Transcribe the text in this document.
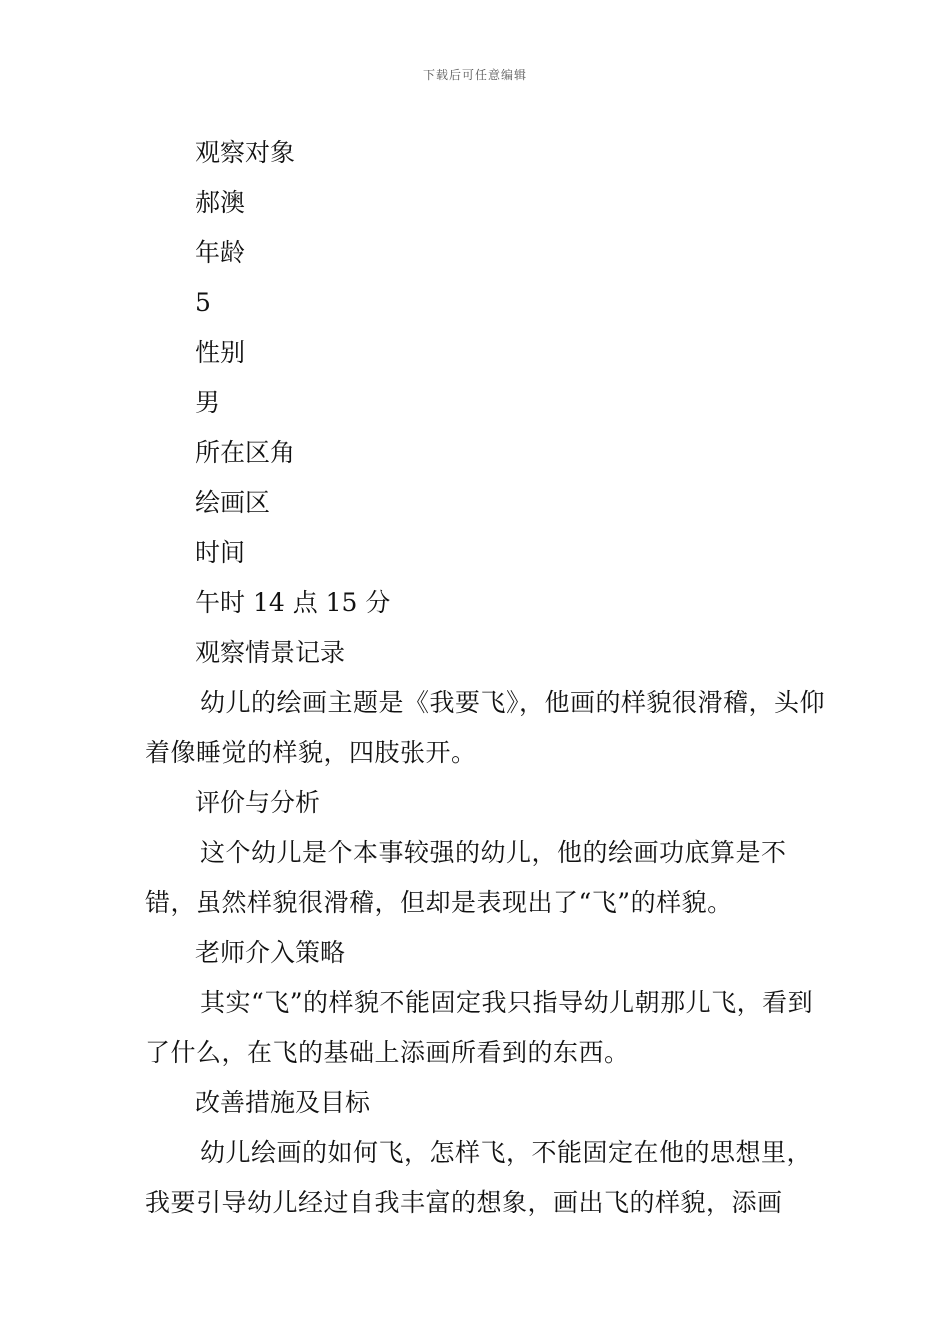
下载后可任意编辑
观察对象
郝澳
年龄
5
性别
男
所在区角
绘画区
时间
午时 14 点 15 分
观察情景记录

幼儿的绘画主题是《我要飞》，他画的样貌很滑稽，头仰着像睡觉的样貌，四肢张开。

评价与分析

这个幼儿是个本事较强的幼儿，他的绘画功底算是不错，虽然样貌很滑稽，但却是表现出了“飞”的样貌。

老师介入策略

其实“飞”的样貌不能固定我只指导幼儿朝那儿飞，看到了什么，在飞的基础上添画所看到的东西。

改善措施及目标

幼儿绘画的如何飞，怎样飞，不能固定在他的思想里，我要引导幼儿经过自我丰富的想象，画出飞的样貌，添画
